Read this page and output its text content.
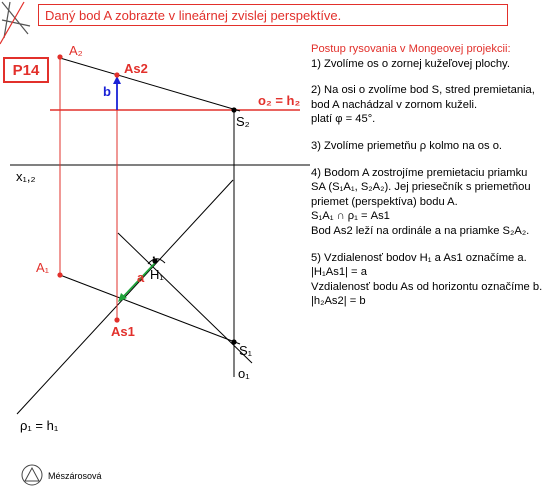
Daný bod A zobrazte v lineárnej zvislej perspektíve.
P14
A₂
As2
b
o₂ = h₂
S₂
x₁,₂
A₁	H₁
a
As1
S₁
o₁
ρ₁ = h₁
·

Postup rysovania v Mongeovej projekcii:

1) Zvolíme os o zornej kužeľovej plochy.

2) Na osi o zvolíme bod S, stred premietania,

bod A nachádzal v zornom kuželi.

platí φ = 45°.

3) Zvolíme priemetňu ρ kolmo na os o.

4) Bodom A zostrojíme premietaciu priamku

SA (S₁A₁, S₂A₂). Jej priesečník s priemetňou

priemet (perspektíva) bodu A.

S₁A₁ ∩ ρ₁ = As1

Bod As2 leží na ordinále a na priamke S₂A₂.

5) Vzdialenosť bodov H₁ a As1 označíme a.

|H₁As1| = a

Vzdialenosť bodu As od horizontu označíme b.

|h₂As2| = b

Mészárosová
